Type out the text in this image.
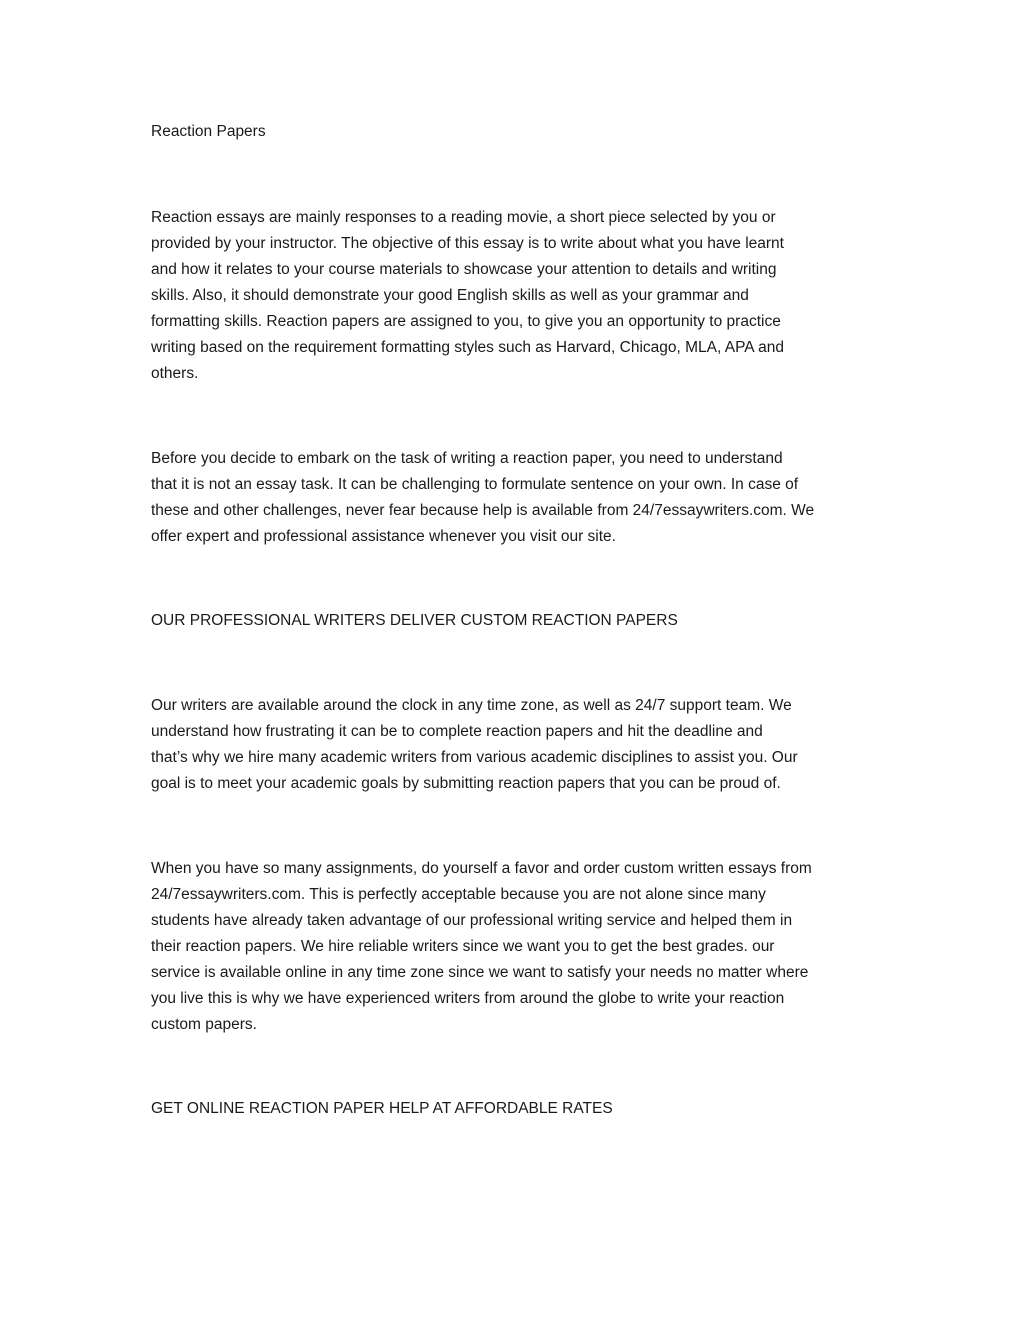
Reaction Papers

Reaction essays are mainly responses to a reading movie, a short piece selected by you or
provided by your instructor. The objective of this essay is to write about what you have learnt
and how it relates to your course materials to showcase your attention to details and writing
skills. Also, it should demonstrate your good English skills as well as your grammar and
formatting skills. Reaction papers are assigned to you, to give you an opportunity to practice
writing based on the requirement formatting styles such as Harvard, Chicago, MLA, APA and
others.

Before you decide to embark on the task of writing a reaction paper, you need to understand
that it is not an essay task. It can be challenging to formulate sentence on your own. In case of
these and other challenges, never fear because help is available from 24/7essaywriters.com. We
offer expert and professional assistance whenever you visit our site.

OUR PROFESSIONAL WRITERS DELIVER CUSTOM REACTION PAPERS

Our writers are available around the clock in any time zone, as well as 24/7 support team. We
understand how frustrating it can be to complete reaction papers and hit the deadline and
that’s why we hire many academic writers from various academic disciplines to assist you. Our
goal is to meet your academic goals by submitting reaction papers that you can be proud of.

When you have so many assignments, do yourself a favor and order custom written essays from
24/7essaywriters.com. This is perfectly acceptable because you are not alone since many
students have already taken advantage of our professional writing service and helped them in
their reaction papers. We hire reliable writers since we want you to get the best grades. our
service is available online in any time zone since we want to satisfy your needs no matter where
you live this is why we have experienced writers from around the globe to write your reaction
custom papers.

GET ONLINE REACTION PAPER HELP AT AFFORDABLE RATES
